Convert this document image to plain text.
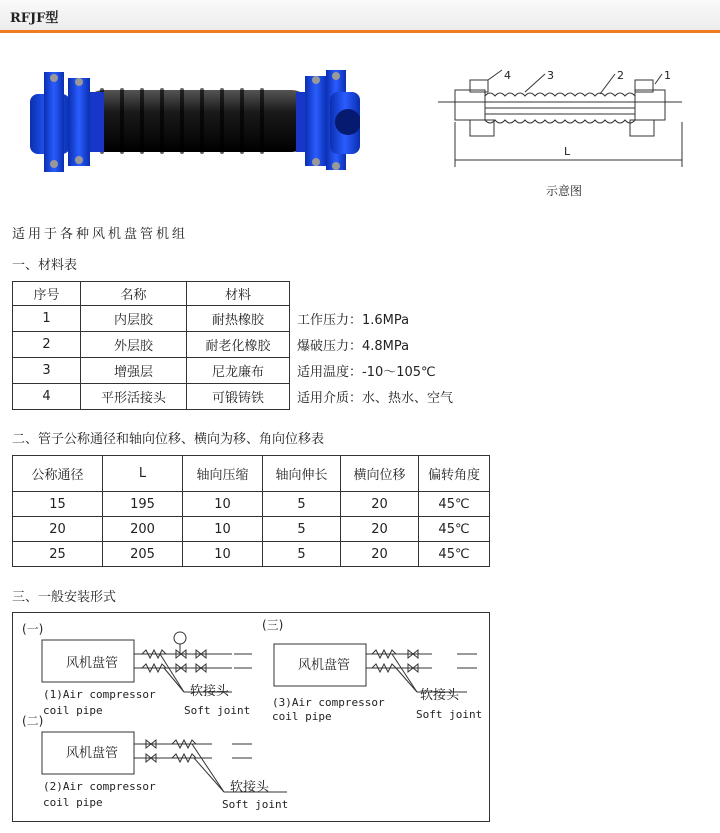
RFJF型
4	3	2	1
L
示意图
适用于各种风机盘管机组
一、材料表
序号	名称	材料
1	内层胶	耐热橡胶
2	外层胶	耐老化橡胶
3	增强层	尼龙廉布
4	平形活接头	可锻铸铁
工作压力：1.6MPa
爆破压力：4.8MPa
适用温度：-10～105℃
适用介质：水、热水、空气
二、管子公称通径和轴向位移、横向为移、角向位移表
公称通径	L	轴向压缩	轴向伸长	横向位移	偏转角度
15	195	10	5	20	45℃
20	200	10	5	20	45℃
25	205	10	5	20	45℃
三、一般安装形式
(一)
风机盘管
(1)Air compressor
coil pipe
软接头
Soft joint
(三)
风机盘管
(3)Air compressor
coil pipe
软接头
Soft joint
(二)
风机盘管
(2)Air compressor
coil pipe
软接头
Soft joint
